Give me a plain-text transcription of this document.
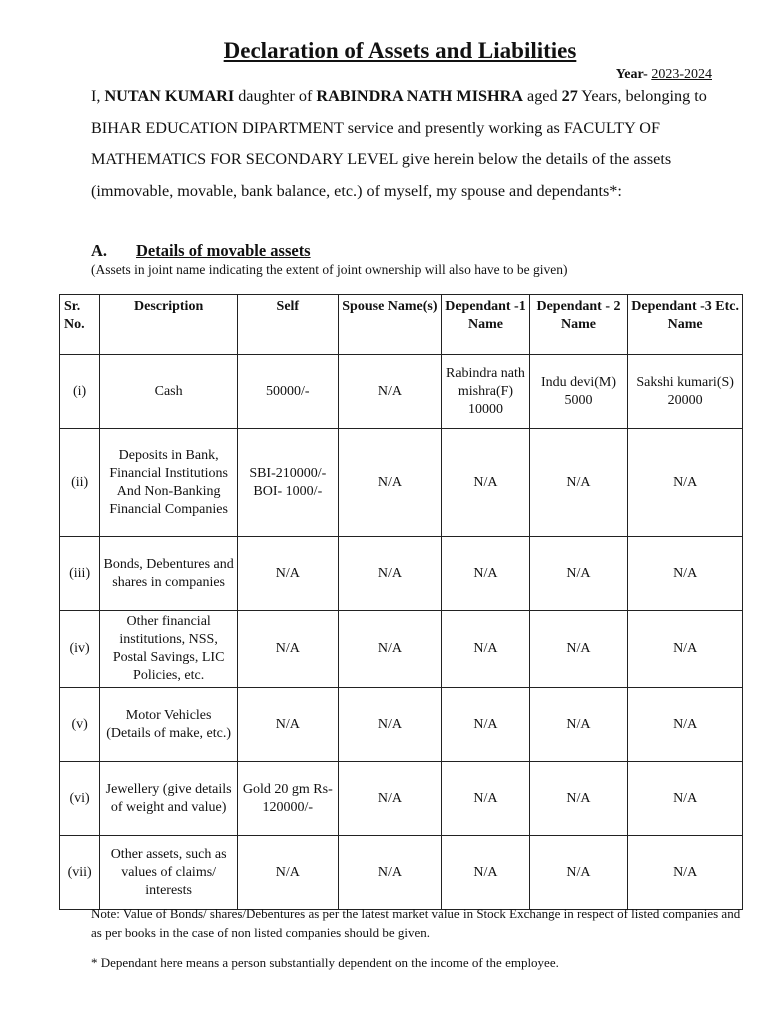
Declaration of Assets and Liabilities
Year- 2023-2024
I, NUTAN KUMARI daughter of RABINDRA NATH MISHRA aged 27 Years, belonging to BIHAR EDUCATION DIPARTMENT service and presently working as FACULTY OF MATHEMATICS FOR SECONDARY LEVEL give herein below the details of the assets (immovable, movable, bank balance, etc.) of myself, my spouse and dependants*:
A. Details of movable assets
(Assets in joint name indicating the extent of joint ownership will also have to be given)
Sr. No.	Description	Self	Spouse Name(s)	Dependant -1 Name	Dependant - 2 Name	Dependant -3 Etc. Name
(i)	Cash	50000/-	N/A	Rabindra nath mishra(F) 10000	Indu devi(M) 5000	Sakshi kumari(S) 20000
(ii)	Deposits in Bank, Financial Institutions And Non-Banking Financial Companies	SBI-210000/- BOI- 1000/-	N/A	N/A	N/A	N/A
(iii)	Bonds, Debentures and shares in companies	N/A	N/A	N/A	N/A	N/A
(iv)	Other financial institutions, NSS, Postal Savings, LIC Policies, etc.	N/A	N/A	N/A	N/A	N/A
(v)	Motor Vehicles (Details of make, etc.)	N/A	N/A	N/A	N/A	N/A
(vi)	Jewellery (give details of weight and value)	Gold 20 gm Rs-120000/-	N/A	N/A	N/A	N/A
(vii)	Other assets, such as values of claims/ interests	N/A	N/A	N/A	N/A	N/A
Note: Value of Bonds/ shares/Debentures as per the latest market value in Stock Exchange in respect of listed companies and as per books in the case of non listed companies should be given.
* Dependant here means a person substantially dependent on the income of the employee.
